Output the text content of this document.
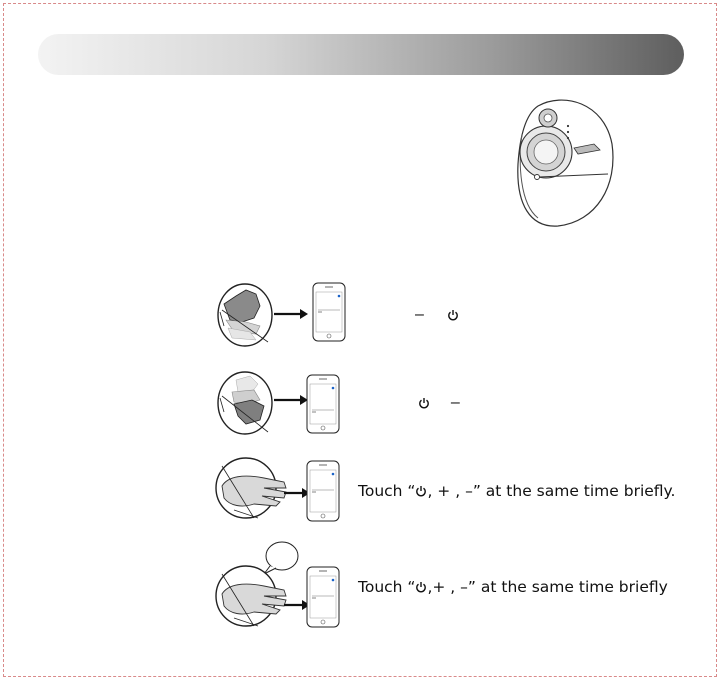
–
–
Touch “ , + , –” at the same time briefly.
Touch “ ,+ , –” at the same time briefly
